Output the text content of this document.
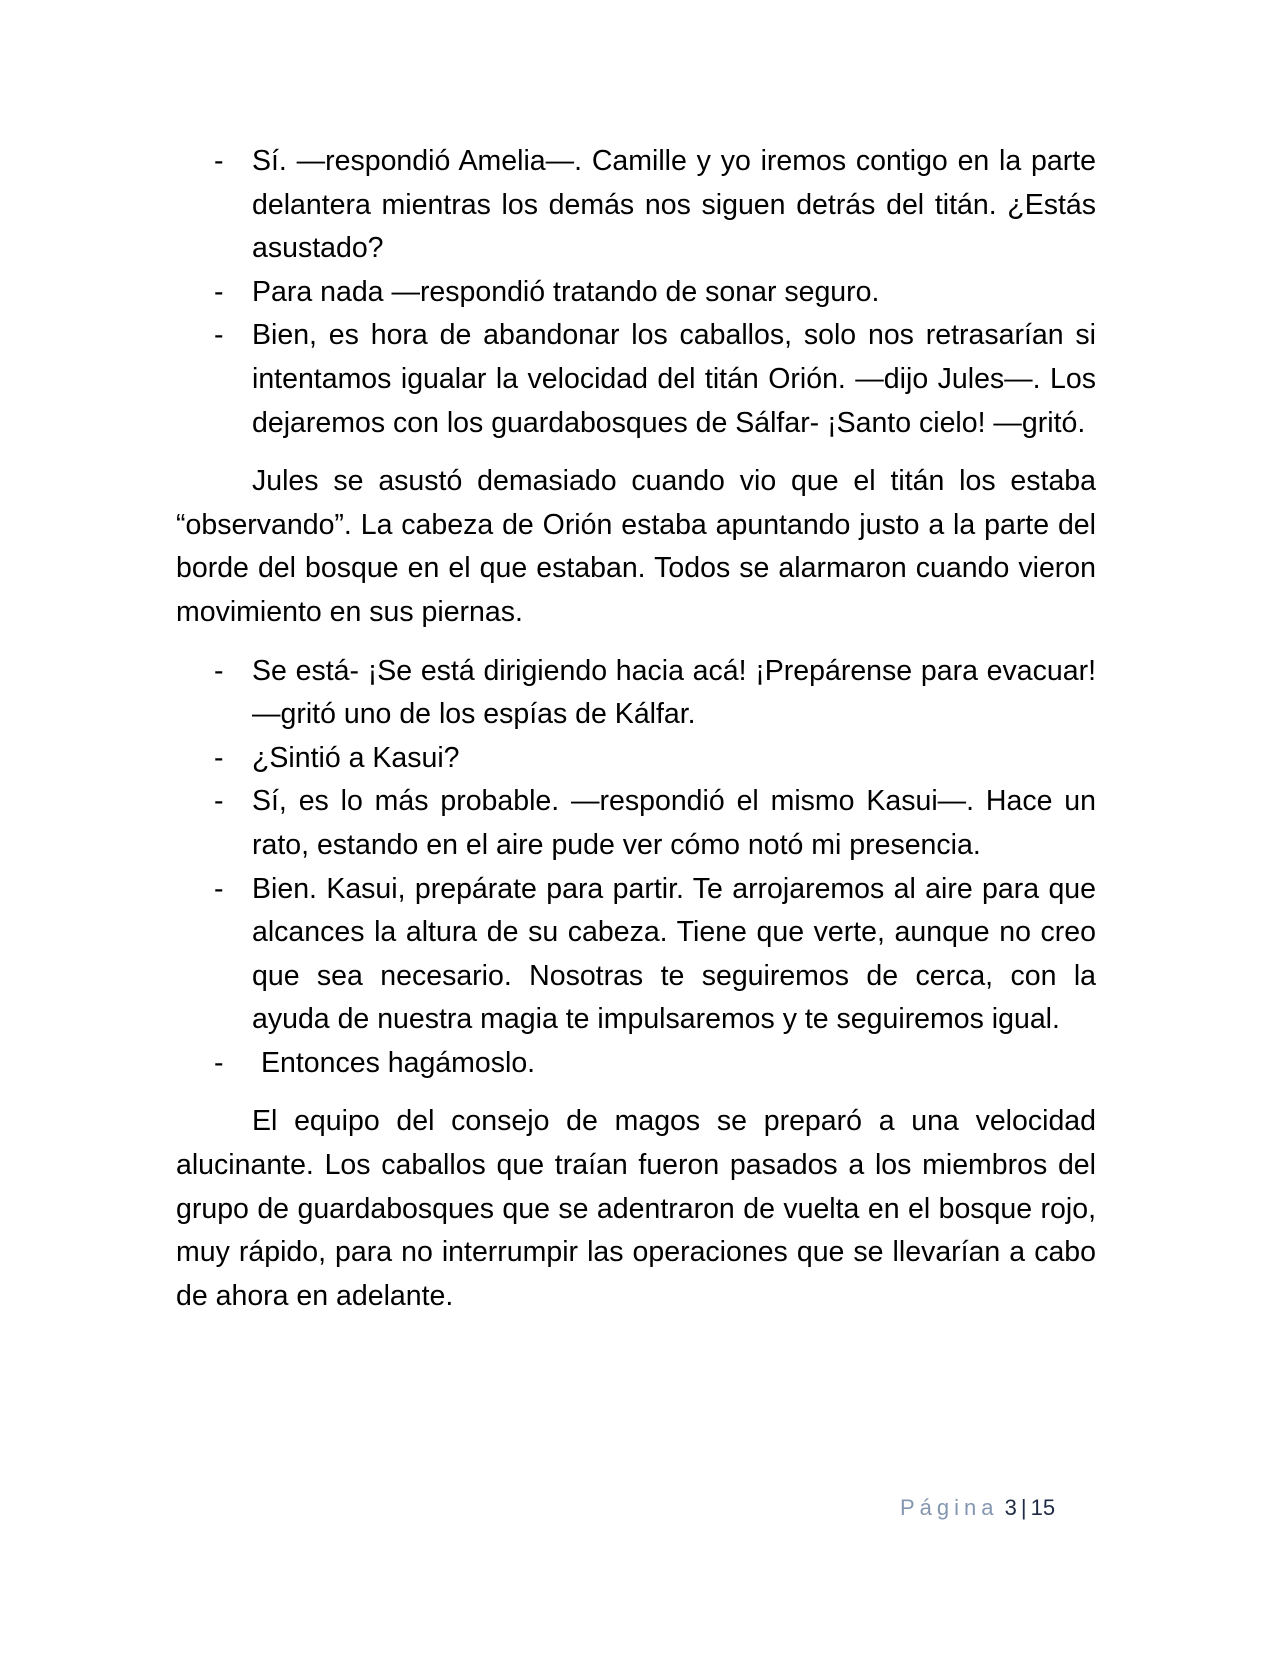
- Sí. —respondió Amelia—. Camille y yo iremos contigo en la parte delantera mientras los demás nos siguen detrás del titán. ¿Estás asustado?
- Para nada —respondió tratando de sonar seguro.
- Bien, es hora de abandonar los caballos, solo nos retrasarían si intentamos igualar la velocidad del titán Orión. —dijo Jules—. Los dejaremos con los guardabosques de Sálfar- ¡Santo cielo! —gritó.

Jules se asustó demasiado cuando vio que el titán los estaba “observando”. La cabeza de Orión estaba apuntando justo a la parte del borde del bosque en el que estaban. Todos se alarmaron cuando vieron movimiento en sus piernas.

- Se está- ¡Se está dirigiendo hacia acá! ¡Prepárense para evacuar! —gritó uno de los espías de Kálfar.
- ¿Sintió a Kasui?
- Sí, es lo más probable. —respondió el mismo Kasui—. Hace un rato, estando en el aire pude ver cómo notó mi presencia.
- Bien. Kasui, prepárate para partir. Te arrojaremos al aire para que alcances la altura de su cabeza. Tiene que verte, aunque no creo que sea necesario. Nosotras te seguiremos de cerca, con la ayuda de nuestra magia te impulsaremos y te seguiremos igual.
- Entonces hagámoslo.

El equipo del consejo de magos se preparó a una velocidad alucinante. Los caballos que traían fueron pasados a los miembros del grupo de guardabosques que se adentraron de vuelta en el bosque rojo, muy rápido, para no interrumpir las operaciones que se llevarían a cabo de ahora en adelante.

Página 3 | 15
